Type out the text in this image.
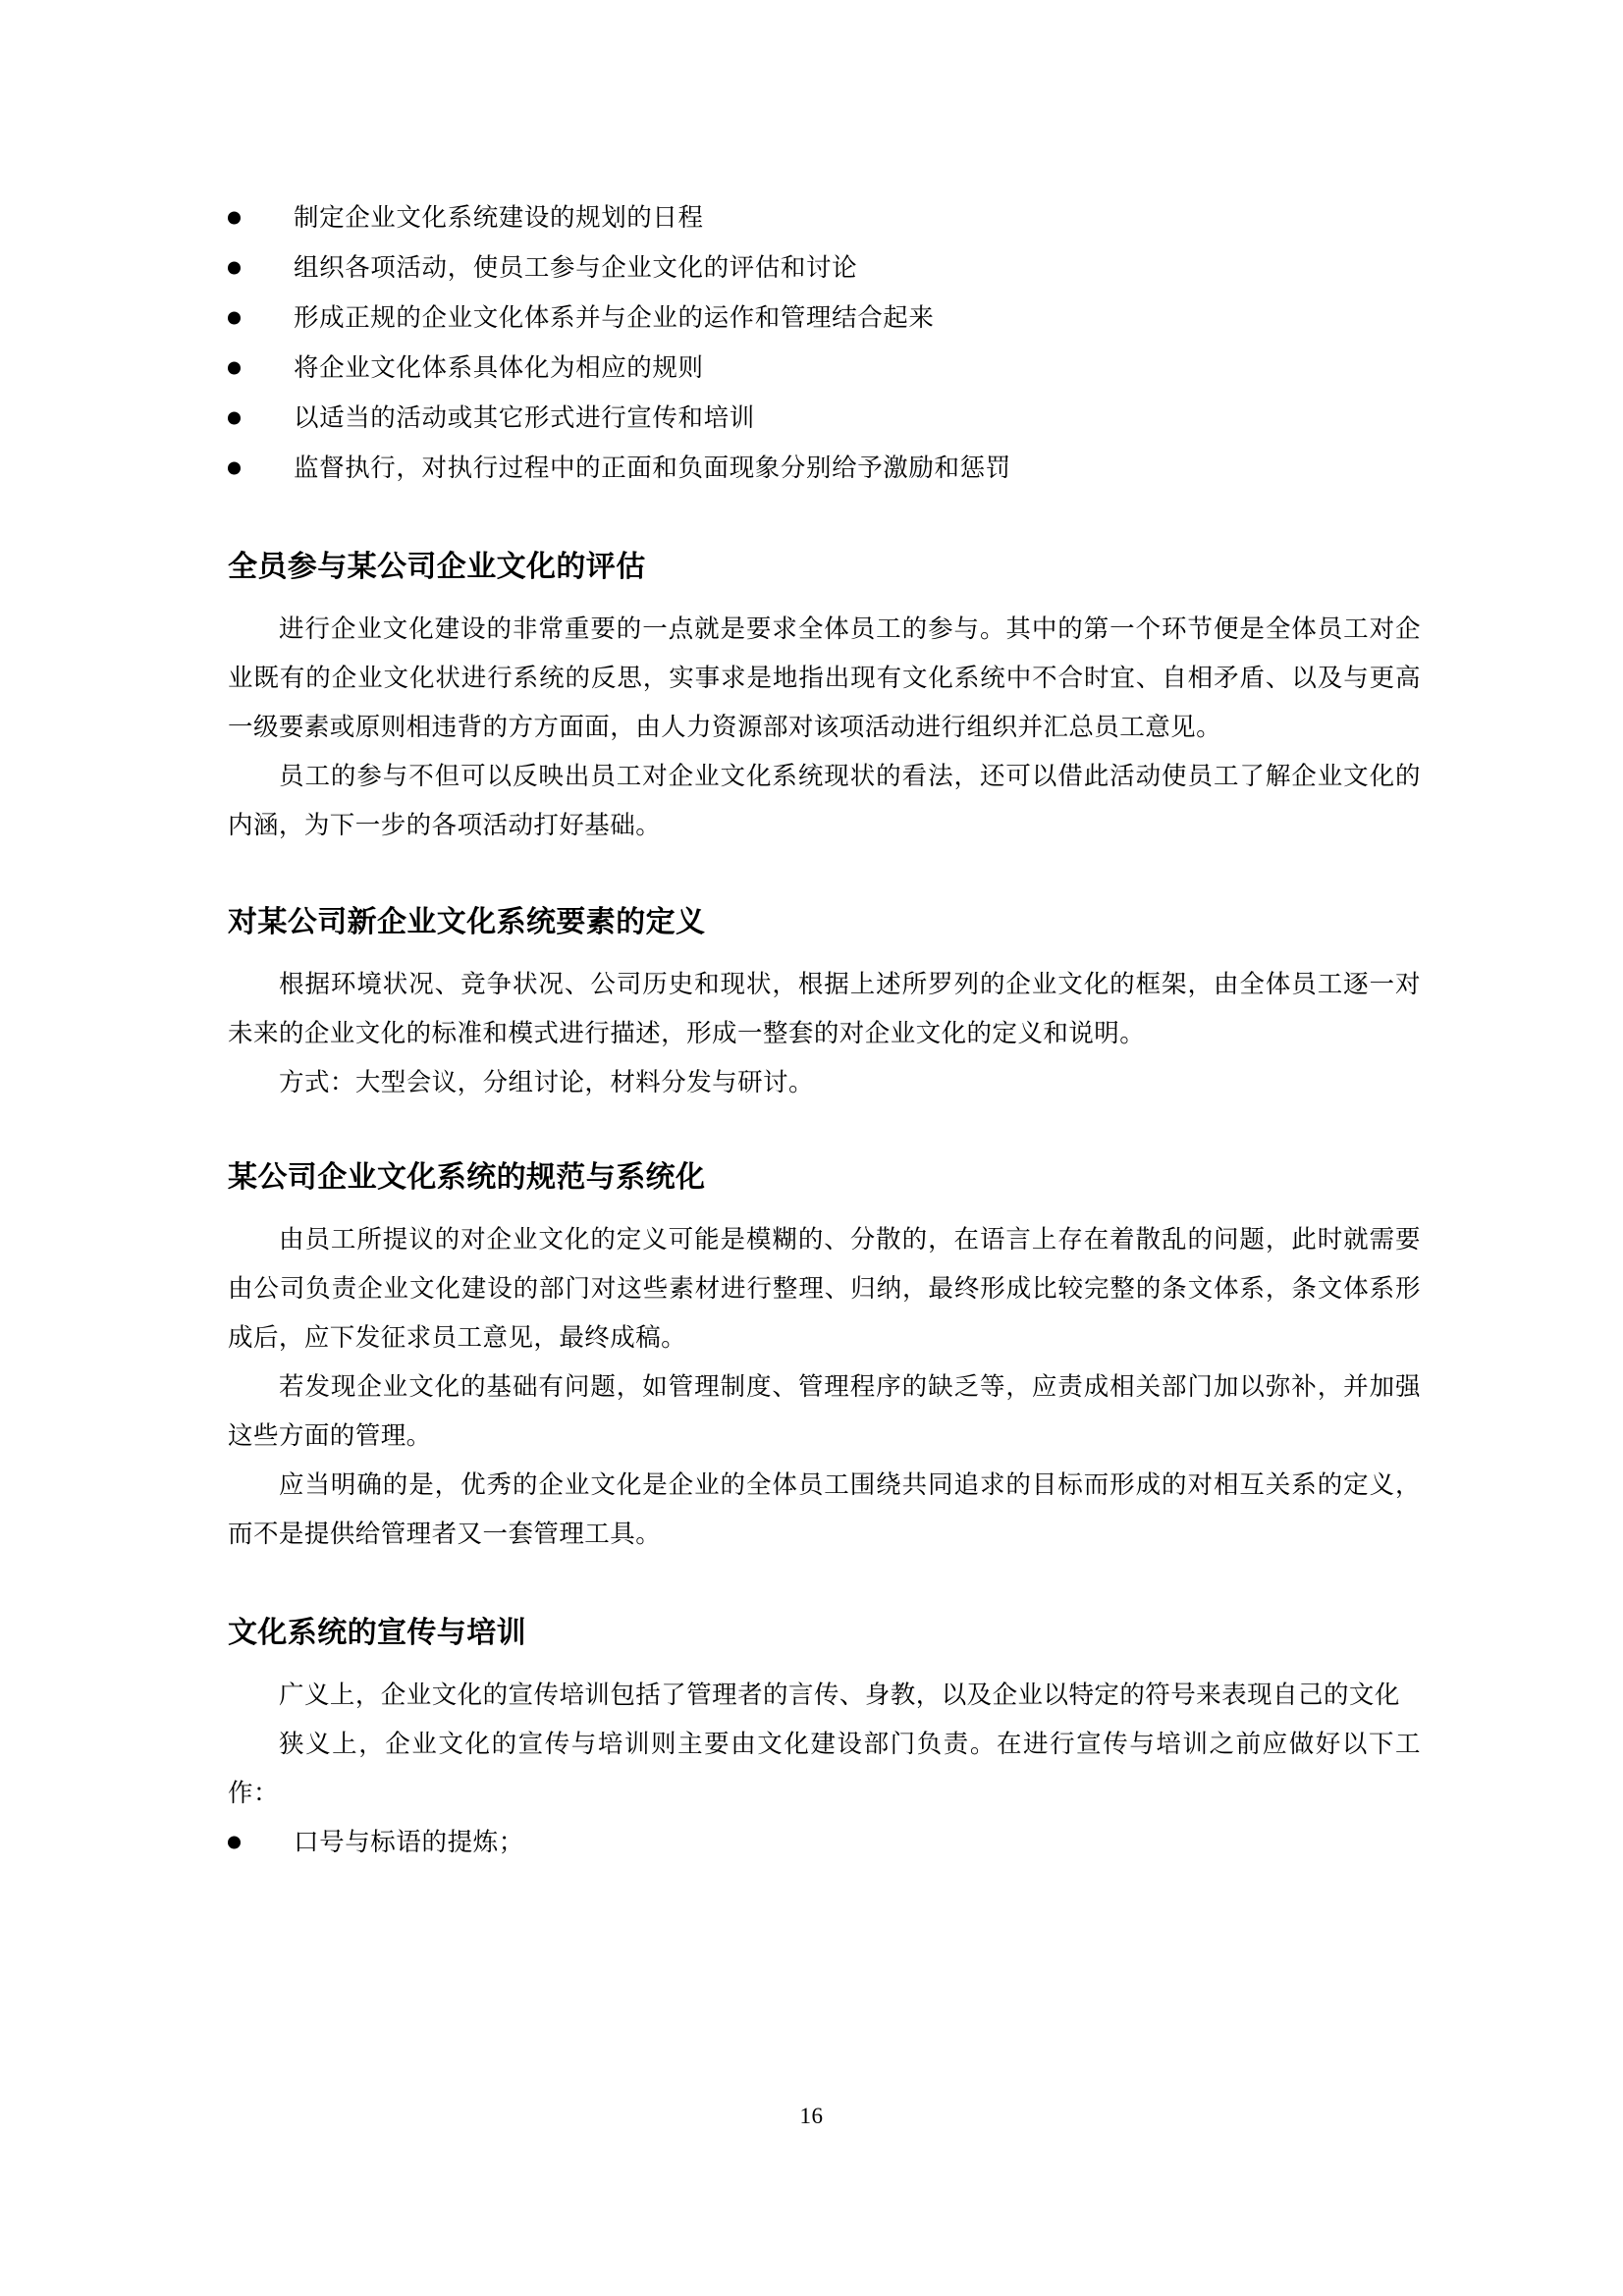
制定企业文化系统建设的规划的日程
组织各项活动，使员工参与企业文化的评估和讨论
形成正规的企业文化体系并与企业的运作和管理结合起来
将企业文化体系具体化为相应的规则
以适当的活动或其它形式进行宣传和培训
监督执行，对执行过程中的正面和负面现象分别给予激励和惩罚
全员参与某公司企业文化的评估

进行企业文化建设的非常重要的一点就是要求全体员工的参与。其中的第一个环节便是全体员工对企业既有的企业文化状进行系统的反思，实事求是地指出现有文化系统中不合时宜、自相矛盾、以及与更高一级要素或原则相违背的方方面面，由人力资源部对该项活动进行组织并汇总员工意见。

员工的参与不但可以反映出员工对企业文化系统现状的看法，还可以借此活动使员工了解企业文化的内涵，为下一步的各项活动打好基础。

对某公司新企业文化系统要素的定义

根据环境状况、竞争状况、公司历史和现状，根据上述所罗列的企业文化的框架，由全体员工逐一对未来的企业文化的标准和模式进行描述，形成一整套的对企业文化的定义和说明。

方式：大型会议，分组讨论，材料分发与研讨。

某公司企业文化系统的规范与系统化

由员工所提议的对企业文化的定义可能是模糊的、分散的，在语言上存在着散乱的问题，此时就需要由公司负责企业文化建设的部门对这些素材进行整理、归纳，最终形成比较完整的条文体系，条文体系形成后，应下发征求员工意见，最终成稿。

若发现企业文化的基础有问题，如管理制度、管理程序的缺乏等，应责成相关部门加以弥补，并加强这些方面的管理。

应当明确的是，优秀的企业文化是企业的全体员工围绕共同追求的目标而形成的对相互关系的定义，而不是提供给管理者又一套管理工具。

文化系统的宣传与培训

广义上，企业文化的宣传培训包括了管理者的言传、身教，以及企业以特定的符号来表现自己的文化

狭义上，企业文化的宣传与培训则主要由文化建设部门负责。在进行宣传与培训之前应做好以下工作：

口号与标语的提炼；
16
